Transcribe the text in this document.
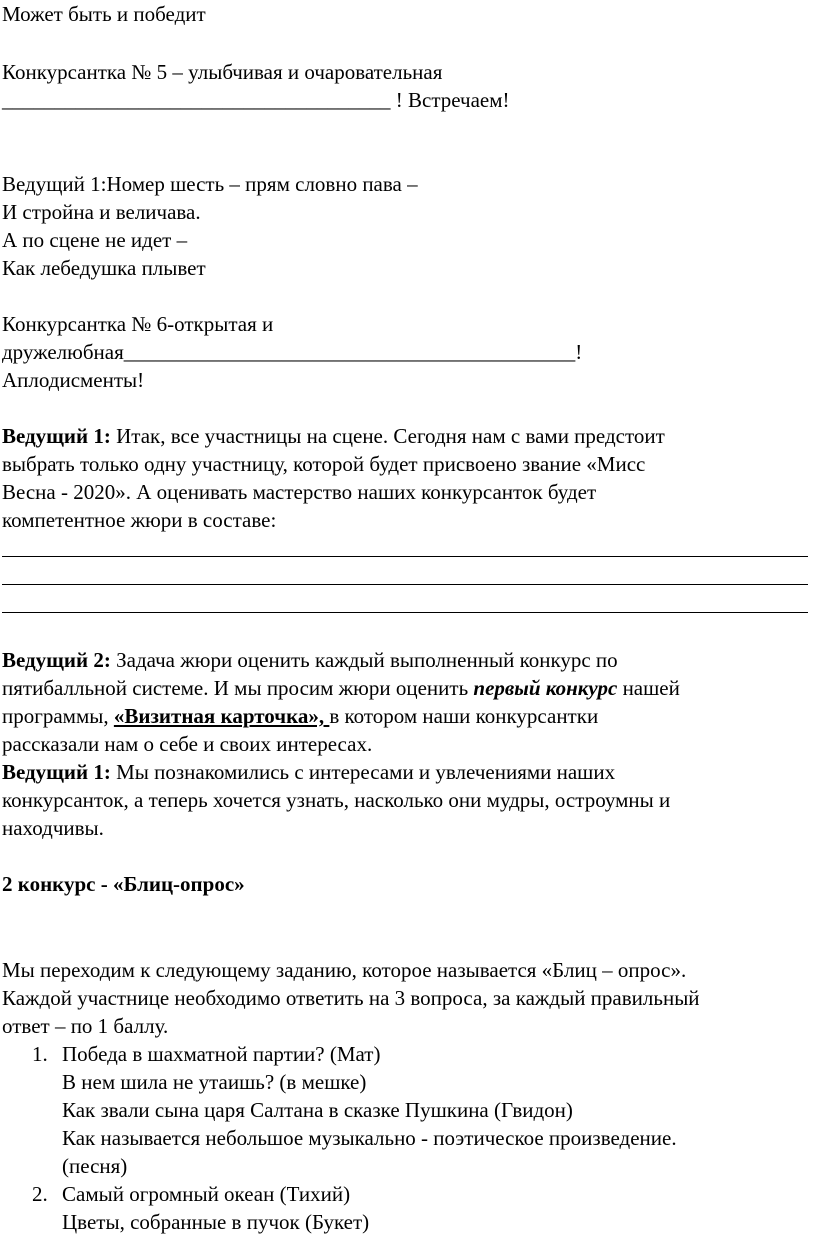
Может быть и победит
Конкурсантка № 5 – улыбчивая и очаровательная
_____________________________________ ! Встречаем!
Ведущий 1:Номер шесть – прям словно пава –
И стройна и величава.
А по сцене не идет –
Как лебедушка плывет
Конкурсантка № 6-открытая и
дружелюбная___________________________________________!
Аплодисменты!
Ведущий 1: Итак, все участницы на сцене. Сегодня нам с вами предстоит
выбрать только одну участницу, которой будет присвоено звание «Мисс
Весна - 2020». А оценивать мастерство наших конкурсанток будет
компетентное жюри в составе:
Ведущий 2: Задача жюри оценить каждый выполненный конкурс по
пятибалльной системе. И мы просим жюри оценить первый конкурс нашей
программы, «Визитная карточка», в котором наши конкурсантки
рассказали нам о себе и своих интересах.
Ведущий 1: Мы познакомились с интересами и увлечениями наших
конкурсанток, а теперь хочется узнать, насколько они мудры, остроумны и
находчивы.
2 конкурс - «Блиц-опрос»
Мы переходим к следующему заданию, которое называется «Блиц – опрос».
Каждой участнице необходимо ответить на 3 вопроса, за каждый правильный
ответ – по 1 баллу.
1. Победа в шахматной партии? (Мат)
В нем шила не утаишь? (в мешке)
Как звали сына царя Салтана в сказке Пушкина (Гвидон)
Как называется небольшое музыкально - поэтическое произведение.
(песня)
2. Самый огромный океан (Тихий)
Цветы, собранные в пучок (Букет)
